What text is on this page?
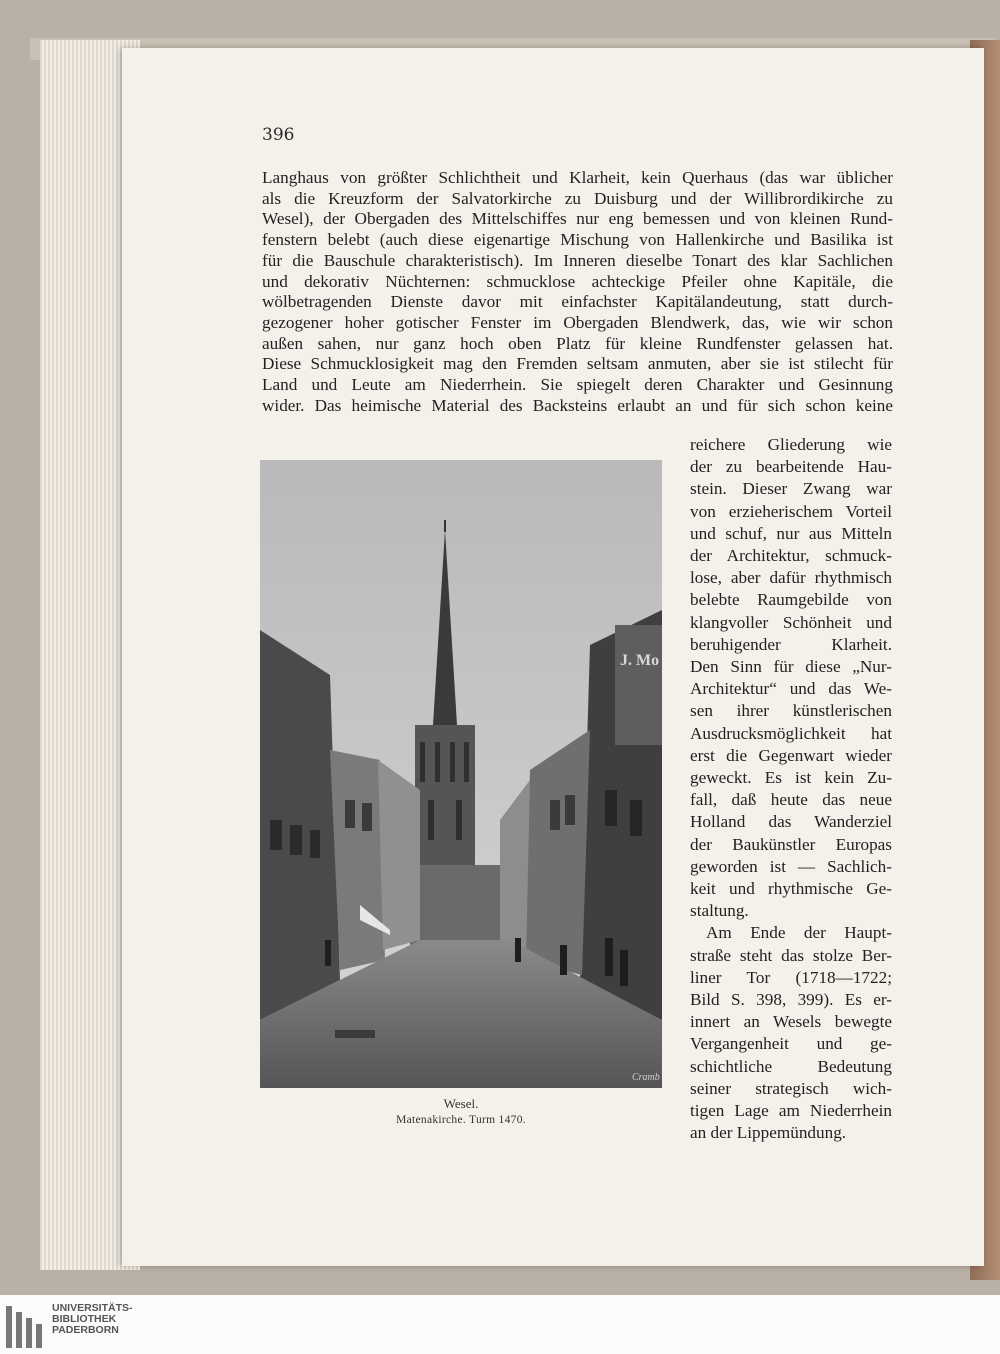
396
Langhaus von größter Schlichtheit und Klarheit, kein Querhaus (das war üblicher
als die Kreuzform der Salvatorkirche zu Duisburg und der Willibrordikirche zu
Wesel), der Obergaden des Mittelschiffes nur eng bemessen und von kleinen Rund-
fenstern belebt (auch diese eigenartige Mischung von Hallenkirche und Basilika ist
für die Bauschule charakteristisch). Im Inneren dieselbe Tonart des klar Sachlichen
und dekorativ Nüchternen: schmucklose achteckige Pfeiler ohne Kapitäle, die
wölbetragenden Dienste davor mit einfachster Kapitälandeutung, statt durch-
gezogener hoher gotischer Fenster im Obergaden Blendwerk, das, wie wir schon
außen sahen, nur ganz hoch oben Platz für kleine Rundfenster gelassen hat.
Diese Schmucklosigkeit mag den Fremden seltsam anmuten, aber sie ist stilecht für
Land und Leute am Niederrhein. Sie spiegelt deren Charakter und Gesinnung
wider. Das heimische Material des Backsteins erlaubt an und für sich schon keine
reichere Gliederung wie
der zu bearbeitende Hau-
stein. Dieser Zwang war
von erzieherischem Vorteil
und schuf, nur aus Mitteln
der Architektur, schmuck-
lose, aber dafür rhythmisch
belebte Raumgebilde von
klangvoller Schönheit und
beruhigender Klarheit.
Den Sinn für diese „Nur-
Architektur“ und das We-
sen ihrer künstlerischen
Ausdrucksmöglichkeit hat
erst die Gegenwart wieder
geweckt. Es ist kein Zu-
fall, daß heute das neue
Holland das Wanderziel
der Baukünstler Europas
geworden ist — Sachlich-
keit und rhythmische Ge-
staltung.
Am Ende der Haupt-
straße steht das stolze Ber-
liner Tor (1718—1722;
Bild S. 398, 399). Es er-
innert an Wesels bewegte
Vergangenheit und ge-
schichtliche Bedeutung
seiner strategisch wich-
tigen Lage am Niederrhein
an der Lippemündung.
J. Mo
Cramb
Wesel.
Matenakirche. Turm 1470.
UNIVERSITÄTS-
BIBLIOTHEK
PADERBORN
